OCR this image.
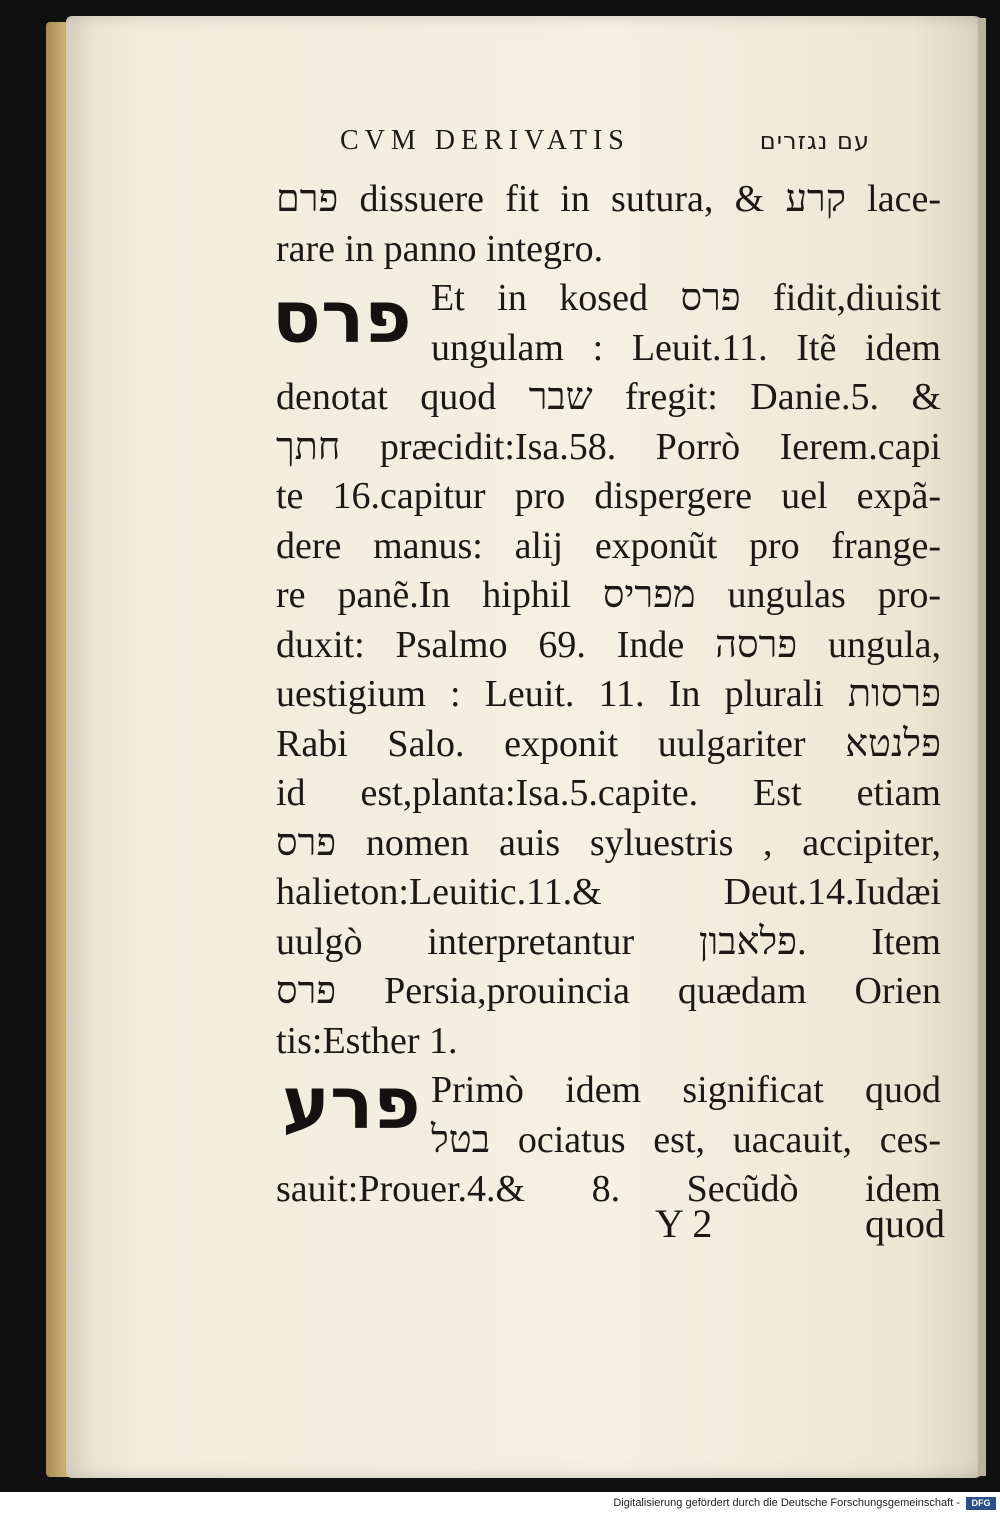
CVM DERIVATIS	עם נגזרים
פרס
פרע
פרם dissuere fit in sutura, & קרע lace-
rare in panno integro.
Et in kosed פרס fidit,diuisit
ungulam : Leuit.11. Itẽ idem
denotat quod שבר fregit: Danie.5. &
חתך præcidit:Isa.58. Porrò Ierem.capi
te 16.capitur pro dispergere uel expã-
dere manus: alij exponũt pro frange-
re panẽ.In hiphil מפריס ungulas pro-
duxit: Psalmo 69. Inde פרסה ungula,
uestigium : Leuit. 11. In plurali פרסות
Rabi Salo. exponit uulgariter פלנטא
id est,planta:Isa.5.capite. Est etiam
פרס nomen auis syluestris , accipiter,
halieton:Leuitic.11.& Deut.14.Iudæi
uulgò interpretantur פלאבון. Item
פרס Persia,prouincia quædam Orien
tis:Esther 1.
Primò idem significat quod
בטל ociatus est, uacauit, ces-
sauit:Prouer.4.& 8. Secũdò idem
Y 2	quod
Digitalisierung gefördert durch die Deutsche Forschungsgemeinschaft -	DFG
